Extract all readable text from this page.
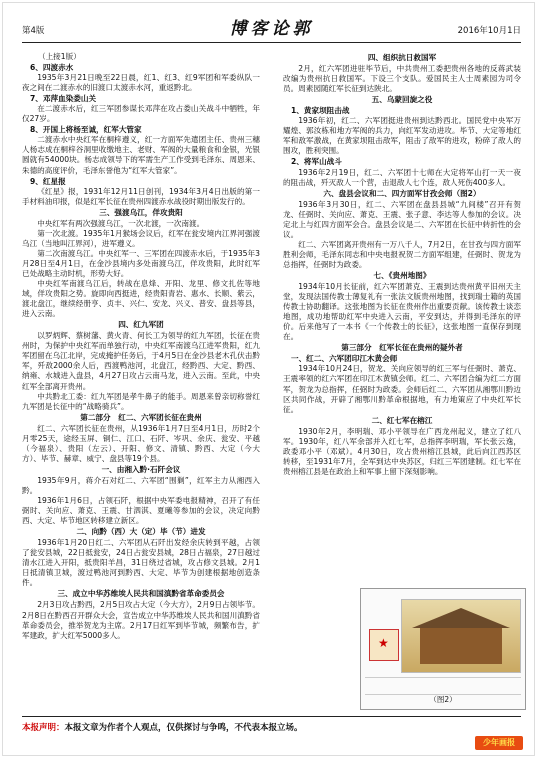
第4版	博客论郭	2016年10月1日

（上接1版）

6、四渡赤水

1935年3月21日晚至22日晨，红1、红3、红9军团和军委纵队一夜之间在二渡赤水的旧渡口太渡赤水河，重返黔北。

7、邓萍血染娄山关

在二渡赤水后，红三军团参谋长邓萍在攻占娄山关战斗中牺牲，年仅27岁。

8、开国上将杨至诚，红军大管家

二渡赤水中央红军在桐梓遵义，红一方面军先遣团主任、贵州三穗人杨志成在桐梓谷洞里收缴地主、老财、军阀的大量粮食和金银，光银圆就有54000块。杨志成领导下的军需生产工作受到毛泽东、周恩来、朱德的高度评价，毛泽东誉他为“红军大管家”。

9、红星报

《红星》报，1931年12月11日创刊，1934年3月4日出版的第一手材料油印报，似是红军长征在贵州四渡赤水战役时期出版发行的。

三、强渡乌江，佯攻贵阳

中央红军有两次强渡乌江，一次北渡，一次南渡。

第一次北渡。1935年1月猴场会议后，红军在瓮安境内江界河强渡乌江（当地叫江界河），进军遵义。

第二次南渡乌江。中央红军一、三军团在四渡赤水后，于1935年3月28日至4月1日，在金沙县境内多处南渡乌江，佯攻贵阳，此时红军已处战略主动时机，形势大好。

中央红军南渡乌江后，转战在息烽、开阳、龙里、修文扎佐等地域，佯攻贵阳之势。旋即向西挺进，经贵阳青岩、惠水、长顺、紫云，渡北盘江，继续经册亨、贞丰、兴仁、安龙、兴义、普安、盘县等县，进入云南。

四、红九军团

以罗炳辉、蔡树藩、黄火青、何长工为领导的红九军团，长征在贵州时，为保护中央红军而单独行动，中央红军南渡乌江进军贵阳，红九军团留在乌江北岸，完成掩护任务后，于4月5日在金沙县老木孔伏击黔军，歼敌2000余人后，西渡鸭池河，北盘江，经黔西、大定、黔西、纳雍、水城进入盘县，4月27日攻占云南马龙，进入云南。至此，中央红军全部离开贵州。

中共黔北工委：红九军团是孝牛鼻子的能手。周恩来曾亲切称誉红九军团是长征中的“战略骑兵”。

第二部分　红二、六军团长征在贵州

红二、六军团长征在贵州，从1936年1月7日至4月1日，历时2个月零25天，途经玉屏、铜仁、江口、石阡、岑巩、余庆、瓮安、平越（今福泉）、贵阳（左云）、开阳、修文、清镇、黔西、大定（今大方）、毕节、赫章、威宁、盘县等19个县。

一、由湘入黔·石阡会议

1935年9月，蒋介石对红二、六军团“围剿”，红军主力从湘西入黔。

1936年1月6日，占领石阡，根据中央军委电报精神，召开了有任弼时、关向应、萧克、王震、甘泗淇、夏曦等参加的会议，决定向黔西、大定、毕节地区转移建立新区。

二、向黔（西）大（定）毕（节）进发

1936年1月20日红二、六军团从石阡出发经余庆转到平越，占领了瓮安县城，22日抵瓮安，24日占瓮安县城，28日占福泉，27日越过清水江进入开阳，抵贵阳羊昌，31日绕过省城，攻占修文县城。2月1日抵清镇卫城，渡过鸭池河到黔西、大定、毕节为创建根据地创造条件。

三、成立中华苏维埃人民共和国滇黔省革命委员会

2月3日攻占黔西，2月5日攻占大定（今大方），2月9日占领毕节。2月8日在黔西召开群众大会，宣告成立中华苏维埃人民共和国川滇黔省革命委员会，推举贺龙为主席。2月17日红军到毕节城，频繁布告，扩军建政，扩大红军5000多人。

四、组织抗日救国军

2月，红六军团进驻毕节后，中共贵州工委把贵州各地的反蒋武装改编为贵州抗日救国军。下设三个支队。爱国民主人士周素园为司令员。周素园随红军长征到达陕北。

五、乌蒙回旋之役

1、黄家坝阻击战

1936年初，红二、六军团挺进贵州到达黔西北。国民党中央军万耀煌、郭汝栋和地方军阀的兵力，向红军发动进攻。毕节、大定等地红军和敌军激战，在黄家坝阻击敌军，阻击了敌军的进攻，粉碎了敌人的围攻，胜利突围。

2、将军山战斗

1936年2月19日，红二、六军团十七师在大定将军山打一天一夜的阻击战，歼灭敌人一个营，击退敌人七个连，敌人死伤400多人。

六、盘县会议和二、四方面军甘孜会师（图2）

1936年3月30日，红二、六军团在盘县县城“九间楼”召开有贺龙、任弼时、关向应、萧克、王震、张子意、李达等人参加的会议。决定北上与红四方面军会合。盘县会议是二、六军团在长征中转折性的会议。

红二、六军团离开贵州有一万八千人，7月2日，在甘孜与四方面军胜利会师，毛泽东同志和中央电报祝贺二方面军组建，任弼时、贺龙为总指挥，任弼时为政委。

七、《贵州地图》

1934年10月长征前，红六军团萧克、王震到达贵州黄平旧州天主堂，发现法国传教士薄复礼有一张法文版贵州地图，找到瑞士籍的英国传教士协助翻译。这张地图为长征在贵州作出重要贡献。该传教士谈恋地图，成功地帮助红军中央进入云南，平安到达，并得到毛泽东的评价。后来他写了一本书《一个传教士的长征》，这张地图一直保存到现在。

第三部分　红军长征在贵州的疑外者

一、红二、六军团印江木黄会师

1934年10月24日，贺龙、关向应领导的红三军与任弼时、萧克、王震率领的红六军团在印江木黄镇会师。红二、六军团合编为红二方面军，贺龙为总指挥，任弼时为政委。会师后红二、六军团从湘鄂川黔边区共同作战，开辟了湘鄂川黔革命根据地，有力地策应了中央红军长征。

二、红七军在榕江

1930年2月，李明瑞、邓小平领导在广西龙州起义，建立了红八军。1930年，红八军余部并入红七军，总指挥李明瑞，军长张云逸，政委邓小平（邓斌）。4月30日，攻占贵州榕江县城，此后向江西苏区转移，至1931年7月，全军到达中央苏区，归红三军团建制。红七军在贵州榕江县是在政治上和军事上留下深刻影响。

★
（图2）
本报声明：本报文章为作者个人观点，仅供探讨与争鸣，不代表本报立场。
少年画报
